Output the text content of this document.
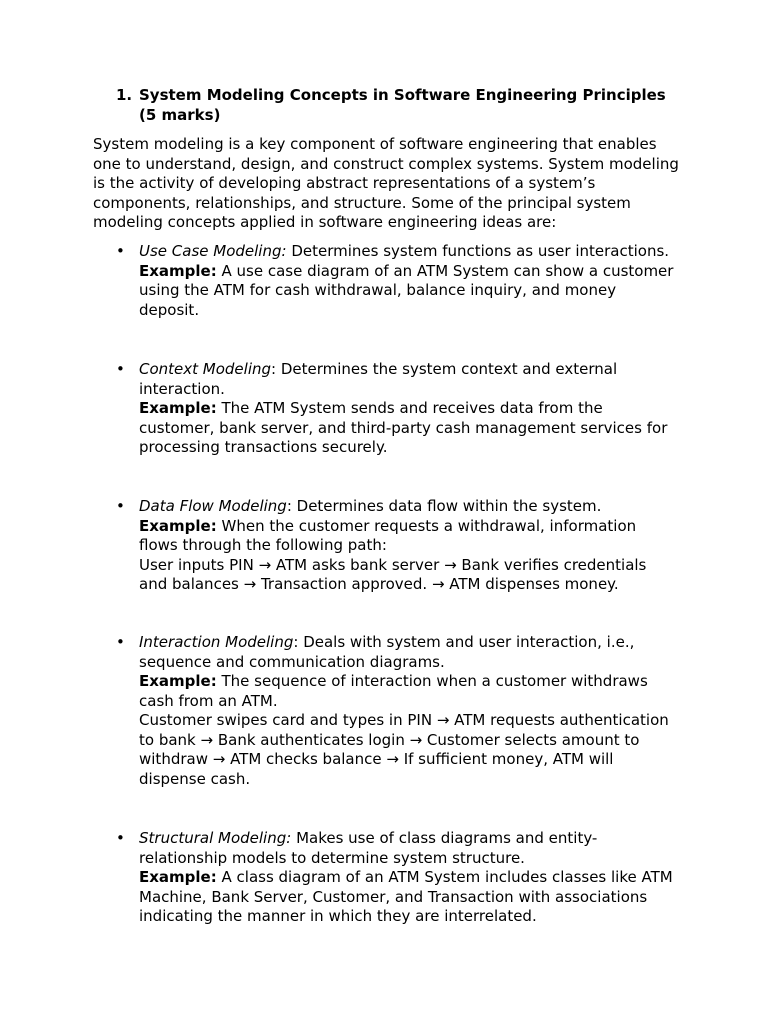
1. System Modeling Concepts in Software Engineering Principles (5 marks)
System modeling is a key component of software engineering that enables one to understand, design, and construct complex systems. System modeling is the activity of developing abstract representations of a system’s components, relationships, and structure. Some of the principal system modeling concepts applied in software engineering ideas are:
• Use Case Modeling: Determines system functions as user interactions.
Example: A use case diagram of an ATM System can show a customer using the ATM for cash withdrawal, balance inquiry, and money deposit.
• Context Modeling: Determines the system context and external interaction.
Example: The ATM System sends and receives data from the customer, bank server, and third-party cash management services for processing transactions securely.
• Data Flow Modeling: Determines data flow within the system.
Example: When the customer requests a withdrawal, information flows through the following path:
User inputs PIN → ATM asks bank server → Bank verifies credentials and balances → Transaction approved. → ATM dispenses money.
• Interaction Modeling: Deals with system and user interaction, i.e., sequence and communication diagrams.
Example: The sequence of interaction when a customer withdraws cash from an ATM.
Customer swipes card and types in PIN → ATM requests authentication to bank → Bank authenticates login → Customer selects amount to withdraw → ATM checks balance → If sufficient money, ATM will dispense cash.
• Structural Modeling: Makes use of class diagrams and entity-relationship models to determine system structure.
Example: A class diagram of an ATM System includes classes like ATM Machine, Bank Server, Customer, and Transaction with associations indicating the manner in which they are interrelated.
